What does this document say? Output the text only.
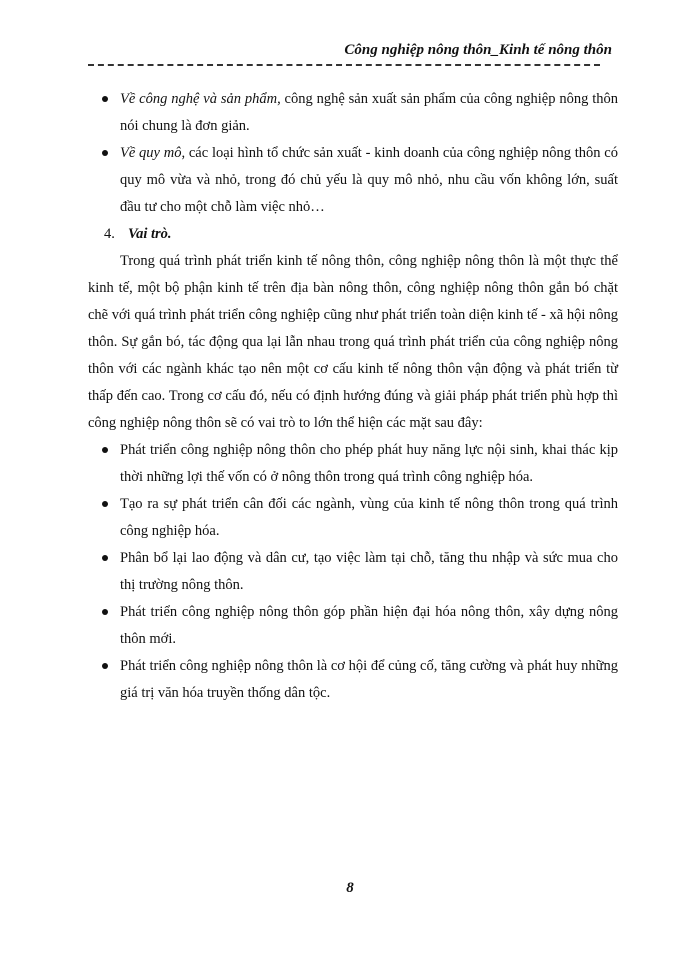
Công nghiệp nông thôn_Kinh tế nông thôn

Về công nghệ và sản phẩm, công nghệ sản xuất sản phẩm của công nghiệp nông thôn nói chung là đơn giản.

Về quy mô, các loại hình tổ chức sản xuất - kinh doanh của công nghiệp nông thôn có quy mô vừa và nhỏ, trong đó chủ yếu là quy mô nhỏ, nhu cầu vốn không lớn, suất đầu tư cho một chỗ làm việc nhỏ…

4. Vai trò.

Trong quá trình phát triển kinh tế nông thôn, công nghiệp nông thôn là một thực thể kinh tế, một bộ phận kinh tế trên địa bàn nông thôn, công nghiệp nông thôn gắn bó chặt chẽ với quá trình phát triển công nghiệp cũng như phát triển toàn diện kinh tế - xã hội nông thôn. Sự gắn bó, tác động qua lại lẫn nhau trong quá trình phát triển của công nghiệp nông thôn với các ngành khác tạo nên một cơ cấu kinh tế nông thôn vận động và phát triển từ thấp đến cao. Trong cơ cấu đó, nếu có định hướng đúng và giải pháp phát triển phù hợp thì công nghiệp nông thôn sẽ có vai trò to lớn thể hiện các mặt sau đây:

Phát triển công nghiệp nông thôn cho phép phát huy năng lực nội sinh, khai thác kịp thời những lợi thế vốn có ở nông thôn trong quá trình công nghiệp hóa.

Tạo ra sự phát triển cân đối các ngành, vùng của kinh tế nông thôn trong quá trình công nghiệp hóa.

Phân bổ lại lao động và dân cư, tạo việc làm tại chỗ, tăng thu nhập và sức mua cho thị trường nông thôn.

Phát triển công nghiệp nông thôn góp phần hiện đại hóa nông thôn, xây dựng nông thôn mới.

Phát triển công nghiệp nông thôn là cơ hội để củng cố, tăng cường và phát huy những giá trị văn hóa truyền thống dân tộc.

8
